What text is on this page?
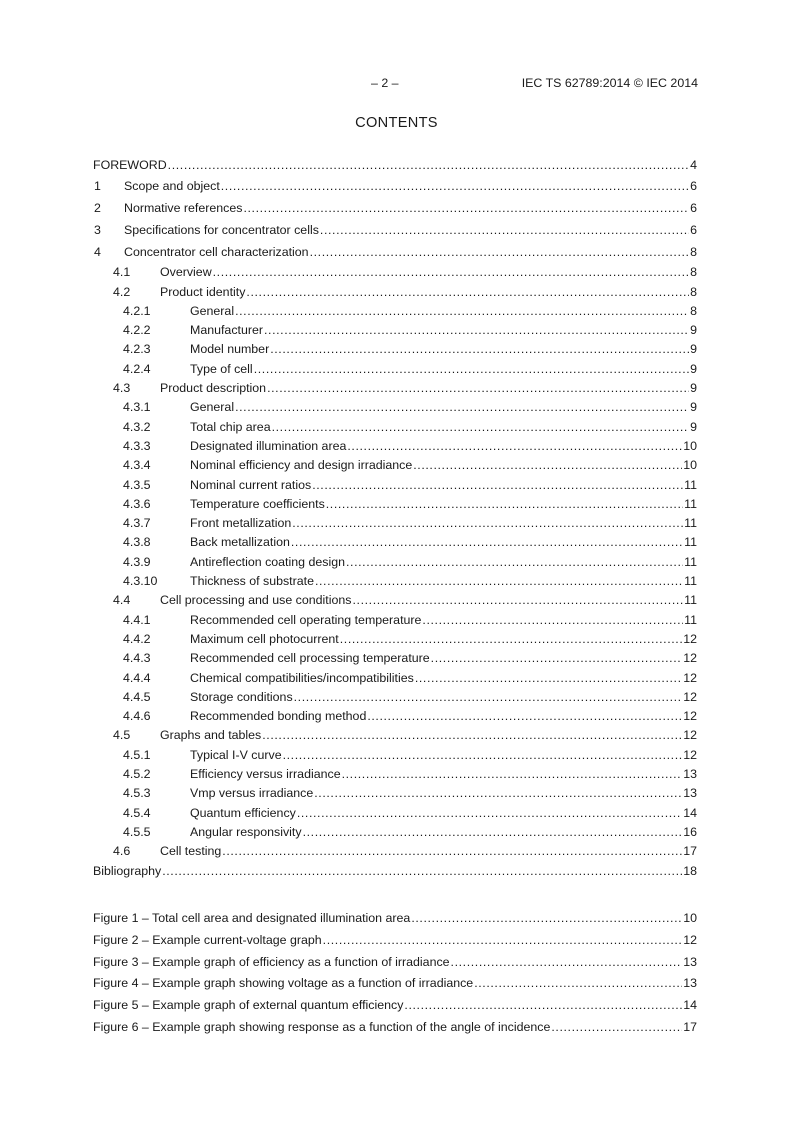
– 2 –	IEC TS 62789:2014 © IEC 2014
CONTENTS
FOREWORD .....	4
1 Scope and object .....	6
2 Normative references .....	6
3 Specifications for concentrator cells .....	6
4 Concentrator cell characterization .....	8
4.1 Overview .....	8
4.2 Product identity .....	8
4.2.1	General .....	8
4.2.2	Manufacturer .....	9
4.2.3	Model number .....	9
4.2.4	Type of cell .....	9
4.3 Product description .....	9
4.3.1	General .....	9
4.3.2	Total chip area .....	9
4.3.3	Designated illumination area .....	10
4.3.4	Nominal efficiency and design irradiance .....	10
4.3.5	Nominal current ratios .....	11
4.3.6	Temperature coefficients .....	11
4.3.7	Front metallization .....	11
4.3.8	Back metallization .....	11
4.3.9	Antireflection coating design .....	11
4.3.10	Thickness of substrate .....	11
4.4 Cell processing and use conditions .....	11
4.4.1	Recommended cell operating temperature .....	11
4.4.2	Maximum cell photocurrent .....	12
4.4.3	Recommended cell processing temperature .....	12
4.4.4	Chemical compatibilities/incompatibilities .....	12
4.4.5	Storage conditions .....	12
4.4.6	Recommended bonding method .....	12
4.5 Graphs and tables .....	12
4.5.1	Typical I-V curve .....	12
4.5.2	Efficiency versus irradiance .....	13
4.5.3	Vmp versus irradiance .....	13
4.5.4	Quantum efficiency .....	14
4.5.5	Angular responsivity .....	16
4.6 Cell testing .....	17
Bibliography .....	18
Figure 1 – Total cell area and designated illumination area .....	10
Figure 2 – Example current-voltage graph .....	12
Figure 3 – Example graph of efficiency as a function of irradiance .....	13
Figure 4 – Example graph showing voltage as a function of irradiance .....	13
Figure 5 – Example graph of external quantum efficiency .....	14
Figure 6 – Example graph showing response as a function of the angle of incidence .....	17
